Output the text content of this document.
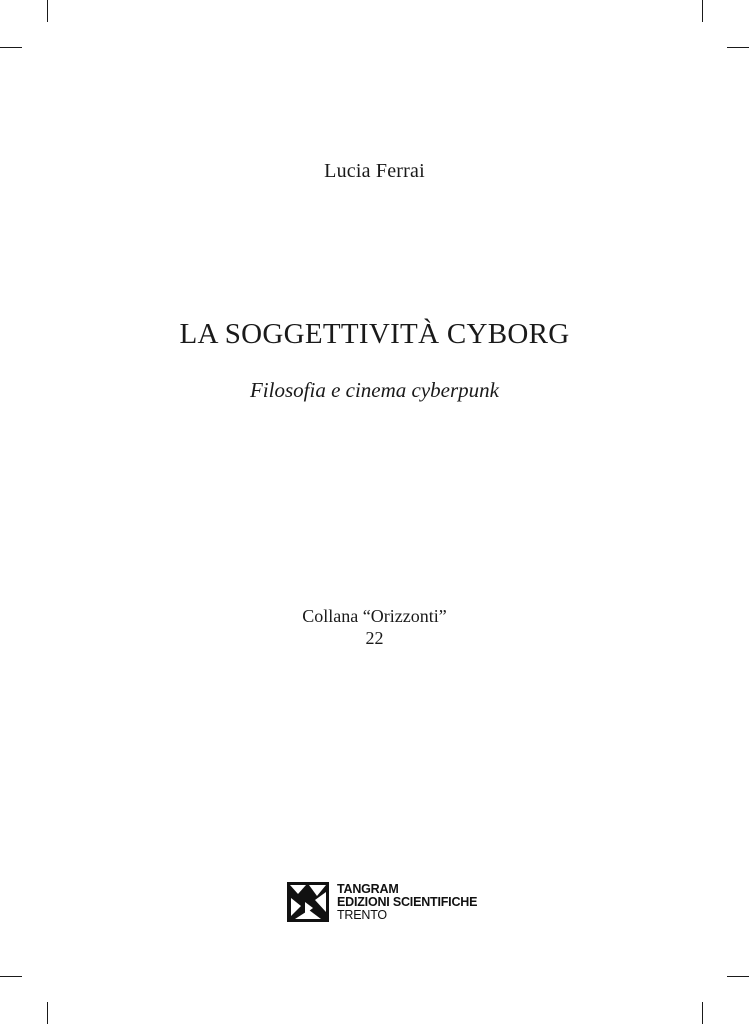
Lucia Ferrai
LA SOGGETTIVITÀ CYBORG
Filosofia e cinema cyberpunk
Collana “Orizzonti”
22
TANGRAM
EDIZIONI SCIENTIFICHE
TRENTO
